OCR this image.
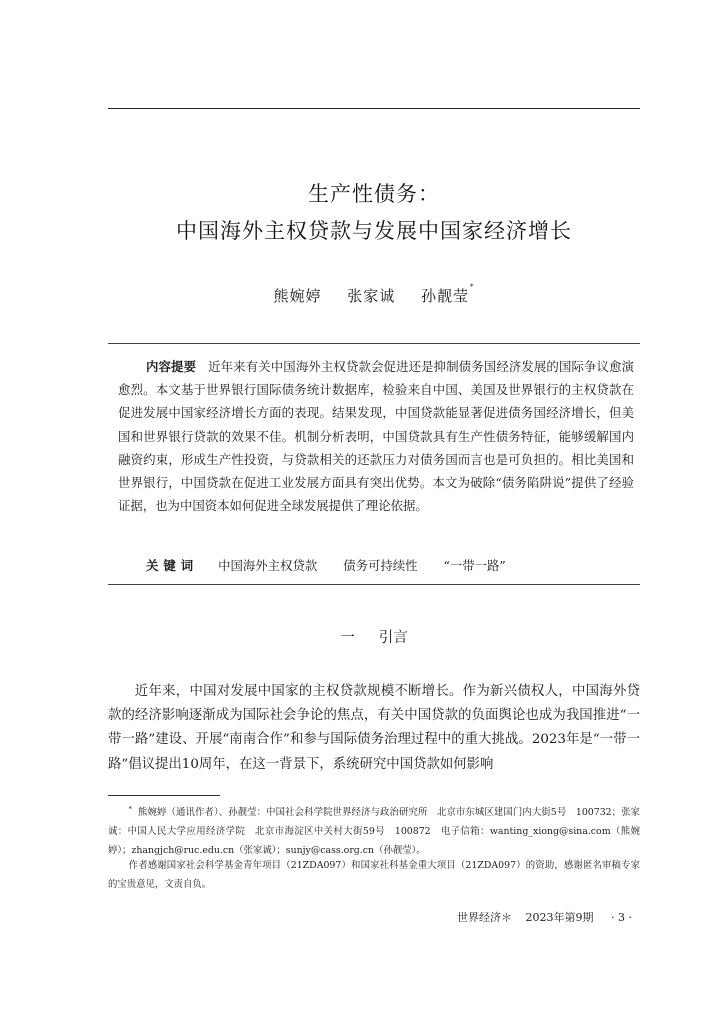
生产性债务：
中国海外主权贷款与发展中国家经济增长
熊婉婷 张家诚 孙靓莹*
内容提要 近年来有关中国海外主权贷款会促进还是抑制债务国经济发展的国际争议愈演愈烈。本文基于世界银行国际债务统计数据库，检验来自中国、美国及世界银行的主权贷款在促进发展中国家经济增长方面的表现。结果发现，中国贷款能显著促进债务国经济增长，但美国和世界银行贷款的效果不佳。机制分析表明，中国贷款具有生产性债务特征，能够缓解国内融资约束，形成生产性投资，与贷款相关的还款压力对债务国而言也是可负担的。相比美国和世界银行，中国贷款在促进工业发展方面具有突出优势。本文为破除“债务陷阱说”提供了经验证据，也为中国资本如何促进全球发展提供了理论依据。
关键词 中国海外主权贷款 债务可持续性 “一带一路”
一 引言

近年来，中国对发展中国家的主权贷款规模不断增长。作为新兴债权人，中国海外贷款的经济影响逐渐成为国际社会争论的焦点，有关中国贷款的负面舆论也成为我国推进“一带一路”建设、开展“南南合作”和参与国际债务治理过程中的重大挑战。2023年是“一带一路”倡议提出10周年，在这一背景下，系统研究中国贷款如何影响

* 熊婉婷（通讯作者）、孙靓莹：中国社会科学院世界经济与政治研究所　北京市东城区建国门内大街5号　100732；张家诚：中国人民大学应用经济学院　北京市海淀区中关村大街59号　100872　电子信箱：wanting_xiong@sina.com（熊婉婷）；zhangjch@ruc.edu.cn（张家诚）；sunjy@cass.org.cn（孙靓莹）。

作者感谢国家社会科学基金青年项目（21ZDA097）和国家社科基金重大项目（21ZDA097）的资助，感谢匿名审稿专家的宝贵意见，文责自负。

世界经济＊ 2023年第9期 · 3 ·
